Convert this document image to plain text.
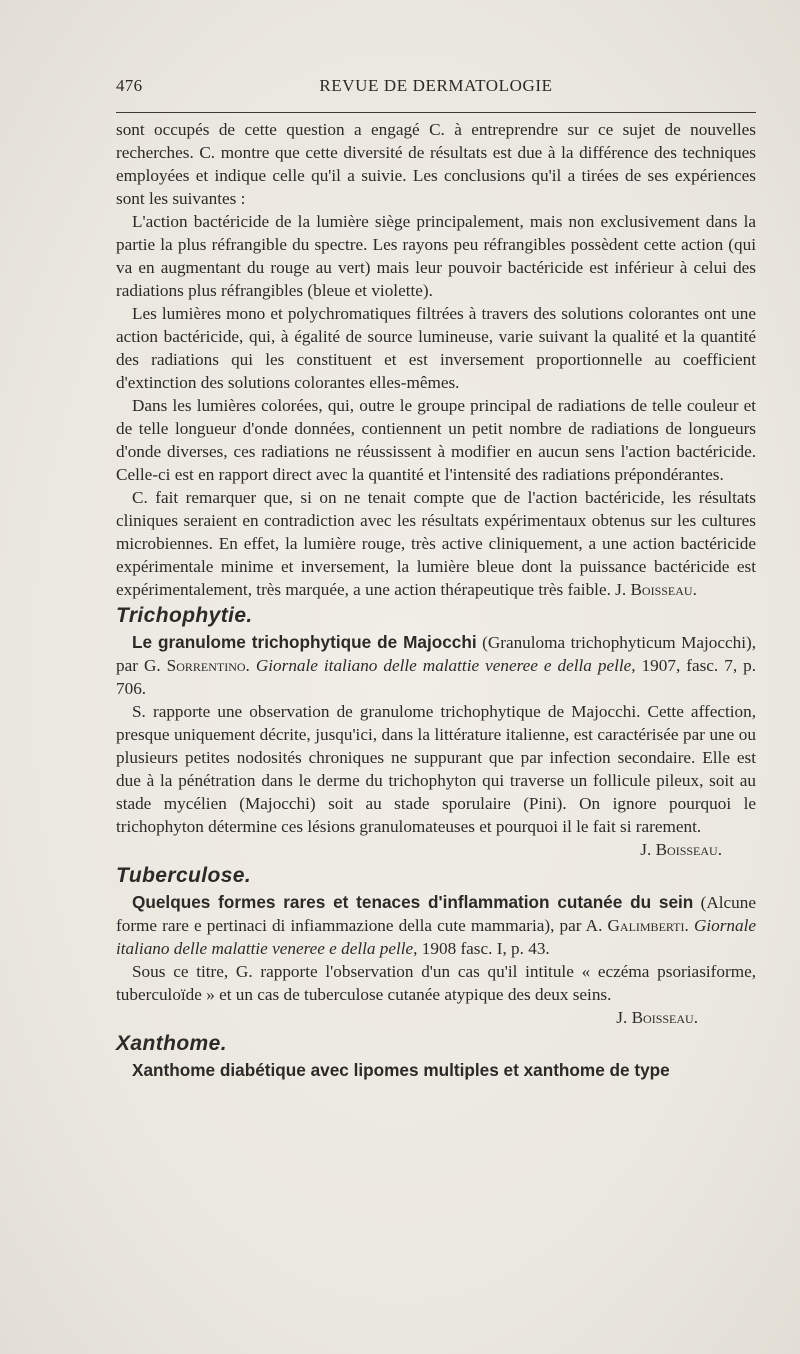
476	REVUE DE DERMATOLOGIE

sont occupés de cette question a engagé C. à entreprendre sur ce sujet de nouvelles recherches. C. montre que cette diversité de résultats est due à la différence des techniques employées et indique celle qu'il a suivie. Les conclusions qu'il a tirées de ses expériences sont les suivantes :

L'action bactéricide de la lumière siège principalement, mais non exclusivement dans la partie la plus réfrangible du spectre. Les rayons peu réfrangibles possèdent cette action (qui va en augmentant du rouge au vert) mais leur pouvoir bactéricide est inférieur à celui des radiations plus réfrangibles (bleue et violette).

Les lumières mono et polychromatiques filtrées à travers des solutions colorantes ont une action bactéricide, qui, à égalité de source lumineuse, varie suivant la qualité et la quantité des radiations qui les constituent et est inversement proportionnelle au coefficient d'extinction des solutions colorantes elles-mêmes.

Dans les lumières colorées, qui, outre le groupe principal de radiations de telle couleur et de telle longueur d'onde données, contiennent un petit nombre de radiations de longueurs d'onde diverses, ces radiations ne réussissent à modifier en aucun sens l'action bactéricide. Celle-ci est en rapport direct avec la quantité et l'intensité des radiations prépondérantes.

C. fait remarquer que, si on ne tenait compte que de l'action bactéricide, les résultats cliniques seraient en contradiction avec les résultats expérimentaux obtenus sur les cultures microbiennes. En effet, la lumière rouge, très active cliniquement, a une action bactéricide expérimentale minime et inversement, la lumière bleue dont la puissance bactéricide est expérimentalement, très marquée, a une action thérapeutique très faible. J. Boisseau.

Trichophytie.

Le granulome trichophytique de Majocchi (Granuloma trichophyticum Majocchi), par G. Sorrentino. Giornale italiano delle malattie veneree e della pelle, 1907, fasc. 7, p. 706.

S. rapporte une observation de granulome trichophytique de Majocchi. Cette affection, presque uniquement décrite, jusqu'ici, dans la littérature italienne, est caractérisée par une ou plusieurs petites nodosités chroniques ne suppurant que par infection secondaire. Elle est due à la pénétration dans le derme du trichophyton qui traverse un follicule pileux, soit au stade mycélien (Majocchi) soit au stade sporulaire (Pini). On ignore pourquoi le trichophyton détermine ces lésions granulomateuses et pourquoi il le fait si rarement.
J. Boisseau.

Tuberculose.

Quelques formes rares et tenaces d'inflammation cutanée du sein (Alcune forme rare e pertinaci di infiammazione della cute mammaria), par A. Galimberti. Giornale italiano delle malattie veneree e della pelle, 1908 fasc. I, p. 43.

Sous ce titre, G. rapporte l'observation d'un cas qu'il intitule « eczéma psoriasiforme, tuberculoïde » et un cas de tuberculose cutanée atypique des deux seins.
J. Boisseau.

Xanthome.

Xanthome diabétique avec lipomes multiples et xanthome de type
